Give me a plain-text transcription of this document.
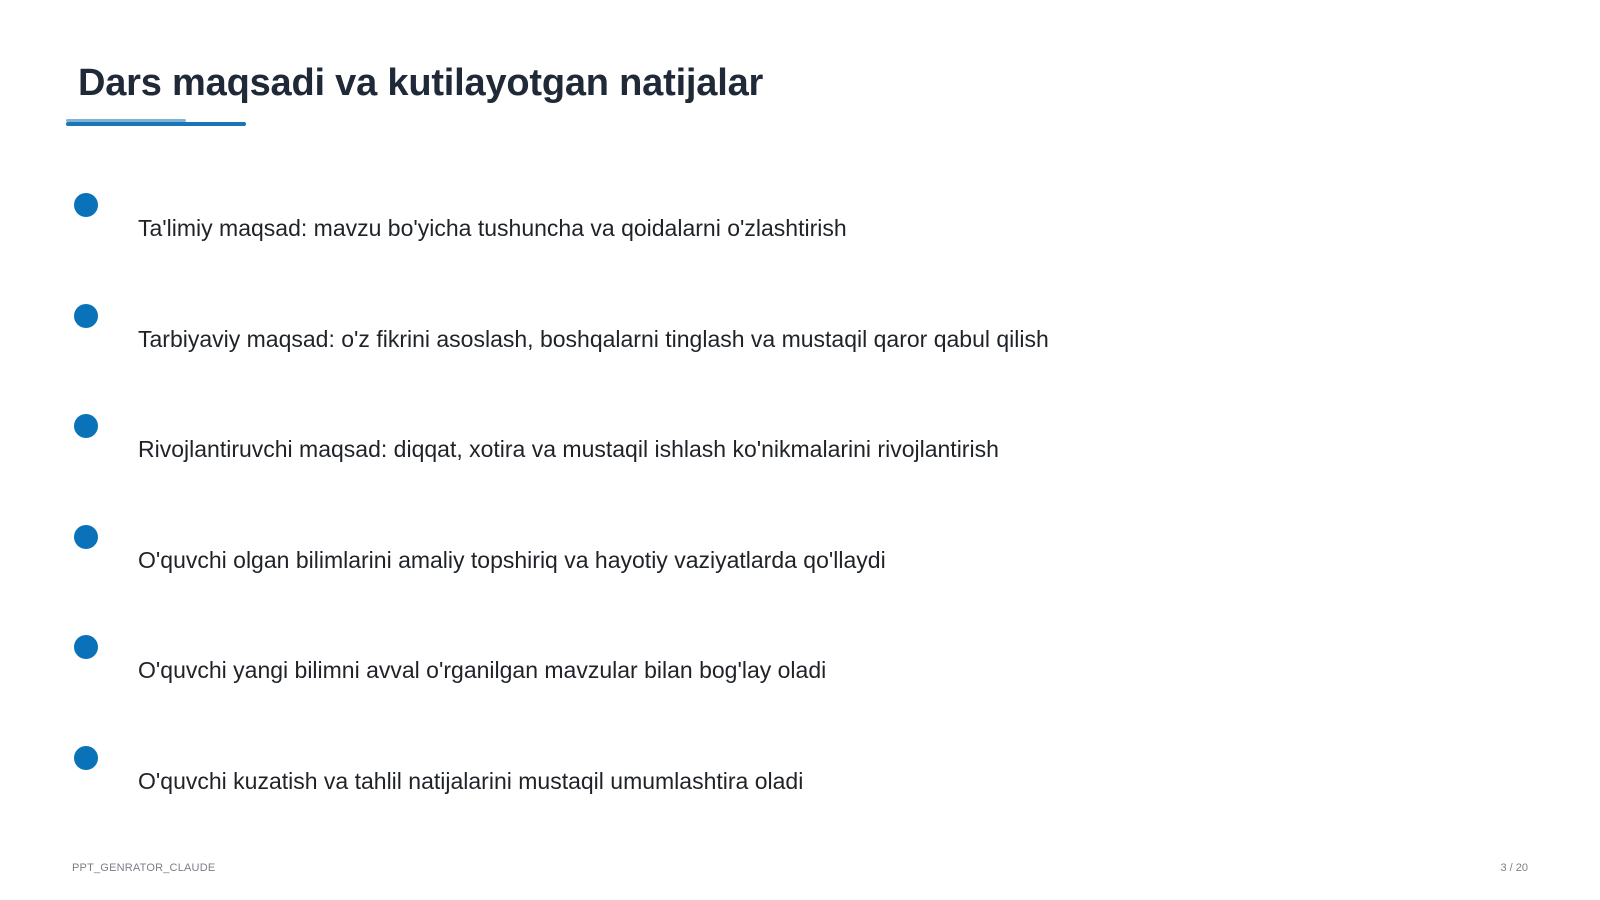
Dars maqsadi va kutilayotgan natijalar
Ta'limiy maqsad: mavzu bo'yicha tushuncha va qoidalarni o'zlashtirish
Tarbiyaviy maqsad: o'z fikrini asoslash, boshqalarni tinglash va mustaqil qaror qabul qilish
Rivojlantiruvchi maqsad: diqqat, xotira va mustaqil ishlash ko'nikmalarini rivojlantirish
O'quvchi olgan bilimlarini amaliy topshiriq va hayotiy vaziyatlarda qo'llaydi
O'quvchi yangi bilimni avval o'rganilgan mavzular bilan bog'lay oladi
O'quvchi kuzatish va tahlil natijalarini mustaqil umumlashtira oladi
PPT_GENRATOR_CLAUDE	3 / 20
